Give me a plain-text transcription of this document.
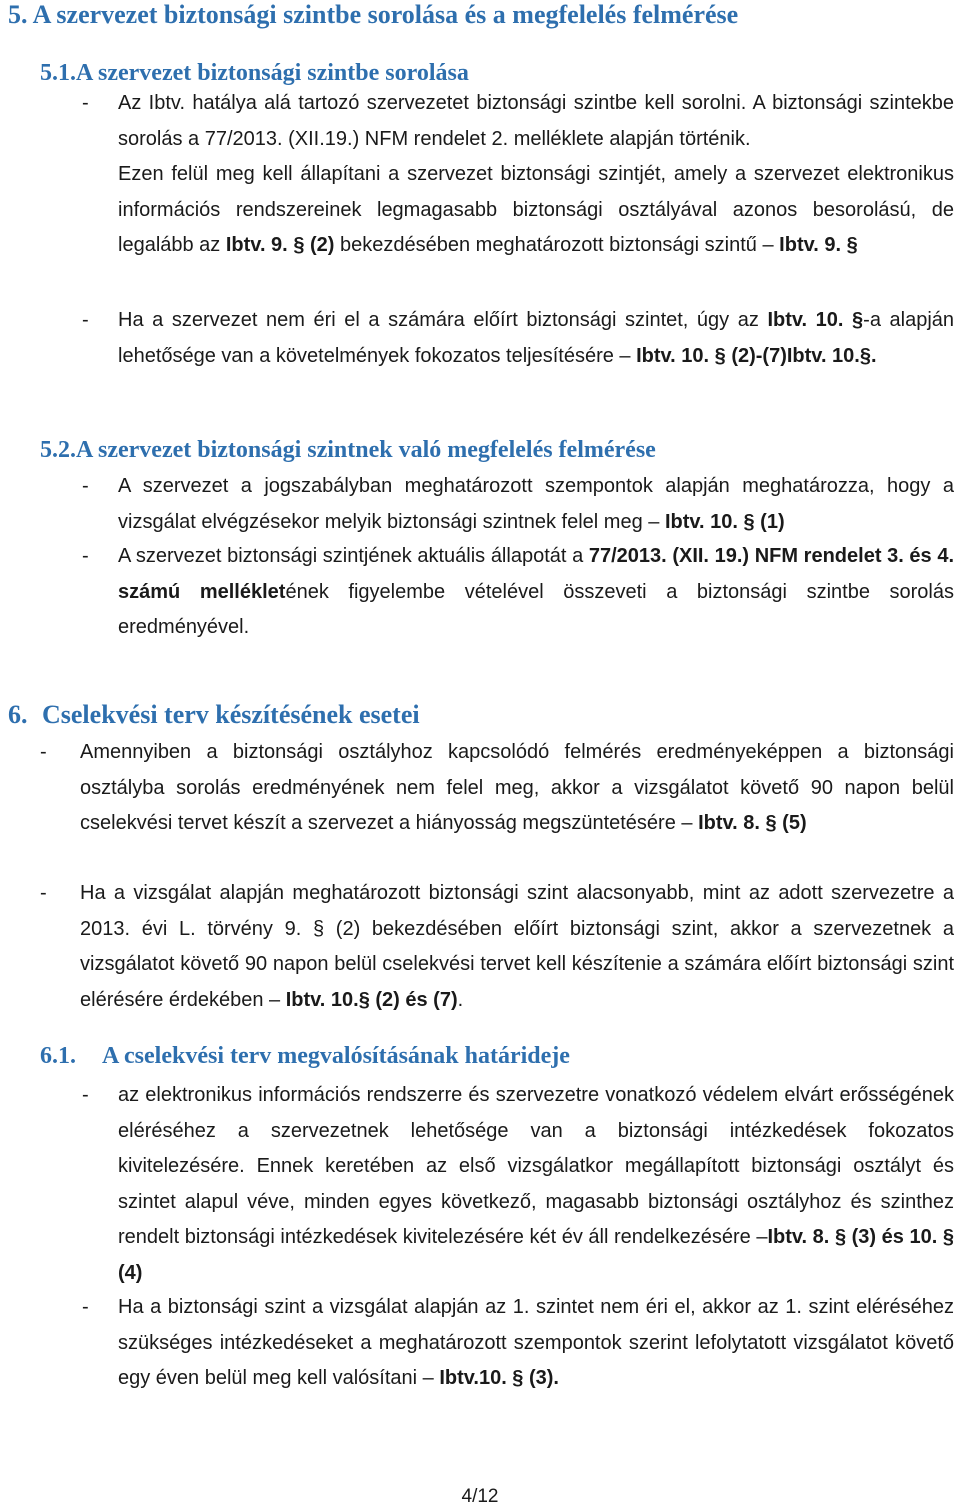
5. A szervezet biztonsági szintbe sorolása és a megfelelés felmérése
5.1.A szervezet biztonsági szintbe sorolása
- Az Ibtv. hatálya alá tartozó szervezetet biztonsági szintbe kell sorolni. A biztonsági szintekbe sorolás a 77/2013. (XII.19.) NFM rendelet 2. melléklete alapján történik.

Ezen felül meg kell állapítani a szervezet biztonsági szintjét, amely a szervezet elektronikus információs rendszereinek legmagasabb biztonsági osztályával azonos besorolású, de legalább az Ibtv. 9. § (2) bekezdésében meghatározott biztonsági szintű – Ibtv. 9. §

- Ha a szervezet nem éri el a számára előírt biztonsági szintet, úgy az Ibtv. 10. §-a alapján lehetősége van a követelmények fokozatos teljesítésére – Ibtv. 10. § (2)-(7)Ibtv. 10.§.

5.2.A szervezet biztonsági szintnek való megfelelés felmérése
- A szervezet a jogszabályban meghatározott szempontok alapján meghatározza, hogy a vizsgálat elvégzésekor melyik biztonsági szintnek felel meg – Ibtv. 10. § (1)

- A szervezet biztonsági szintjének aktuális állapotát a 77/2013. (XII. 19.) NFM rendelet 3. és 4. számú mellékletének figyelembe vételével összeveti a biztonsági szintbe sorolás eredményével.

6. Cselekvési terv készítésének esetei
- Amennyiben a biztonsági osztályhoz kapcsolódó felmérés eredményeképpen a biztonsági osztályba sorolás eredményének nem felel meg, akkor a vizsgálatot követő 90 napon belül cselekvési tervet készít a szervezet a hiányosság megszüntetésére – Ibtv. 8. § (5)

- Ha a vizsgálat alapján meghatározott biztonsági szint alacsonyabb, mint az adott szervezetre a 2013. évi L. törvény 9. § (2) bekezdésében előírt biztonsági szint, akkor a szervezetnek a vizsgálatot követő 90 napon belül cselekvési tervet kell készítenie a számára előírt biztonsági szint elérésére érdekében – Ibtv. 10.§ (2) és (7).

6.1. A cselekvési terv megvalósításának határideje
- az elektronikus információs rendszerre és szervezetre vonatkozó védelem elvárt erősségének eléréséhez a szervezetnek lehetősége van a biztonsági intézkedések fokozatos kivitelezésére. Ennek keretében az első vizsgálatkor megállapított biztonsági osztályt és szintet alapul véve, minden egyes következő, magasabb biztonsági osztályhoz és szinthez rendelt biztonsági intézkedések kivitelezésére két év áll rendelkezésére –Ibtv. 8. § (3) és 10. § (4)

- Ha a biztonsági szint a vizsgálat alapján az 1. szintet nem éri el, akkor az 1. szint eléréséhez szükséges intézkedéseket a meghatározott szempontok szerint lefolytatott vizsgálatot követő egy éven belül meg kell valósítani – Ibtv.10. § (3).

4/12
